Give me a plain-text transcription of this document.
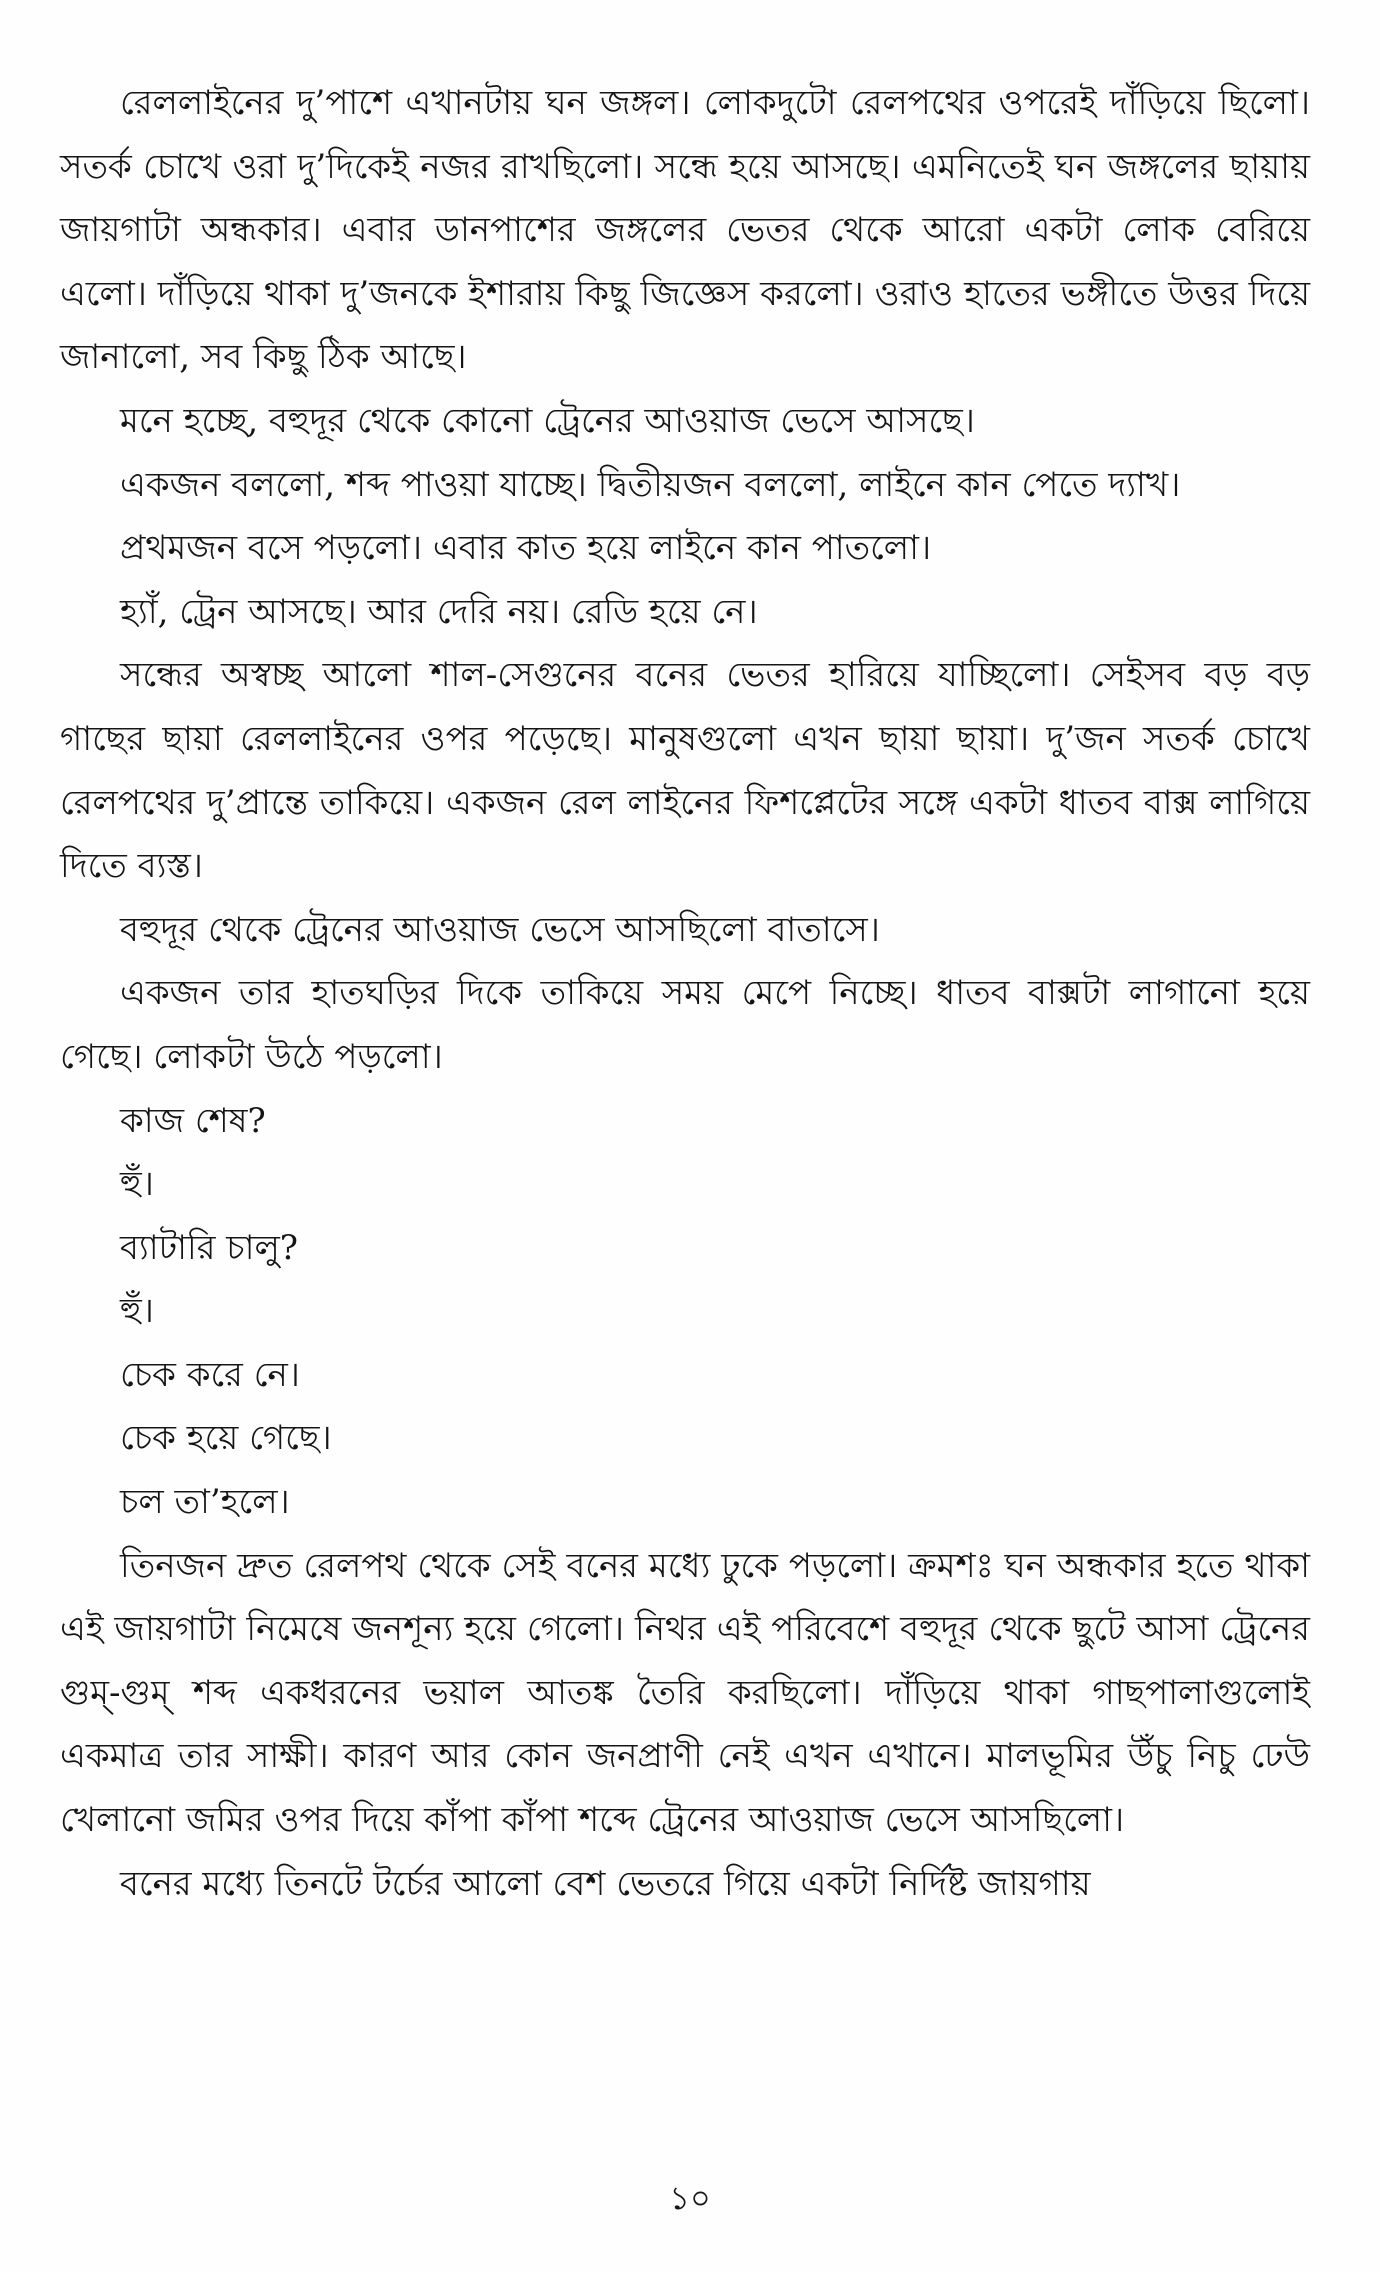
রেললাইনের দু’পাশে এখানটায় ঘন জঙ্গল। লোকদুটো রেলপথের ওপরেই দাঁড়িয়ে ছিলো। সতর্ক চোখে ওরা দু’দিকেই নজর রাখছিলো। সন্ধে হয়ে আসছে। এমনিতেই ঘন জঙ্গলের ছায়ায় জায়গাটা অন্ধকার। এবার ডানপাশের জঙ্গলের ভেতর থেকে আরো একটা লোক বেরিয়ে এলো। দাঁড়িয়ে থাকা দু’জনকে ইশারায় কিছু জিজ্ঞেস করলো। ওরাও হাতের ভঙ্গীতে উত্তর দিয়ে জানালো, সব কিছু ঠিক আছে।

মনে হচ্ছে, বহুদূর থেকে কোনো ট্রেনের আওয়াজ ভেসে আসছে।

একজন বললো, শব্দ পাওয়া যাচ্ছে। দ্বিতীয়জন বললো, লাইনে কান পেতে দ্যাখ।

প্রথমজন বসে পড়লো। এবার কাত হয়ে লাইনে কান পাতলো।

হ্যাঁ, ট্রেন আসছে। আর দেরি নয়। রেডি হয়ে নে।

সন্ধের অস্বচ্ছ আলো শাল-সেগুনের বনের ভেতর হারিয়ে যাচ্ছিলো। সেইসব বড় বড় গাছের ছায়া রেললাইনের ওপর পড়েছে। মানুষগুলো এখন ছায়া ছায়া। দু’জন সতর্ক চোখে রেলপথের দু’প্রান্তে তাকিয়ে। একজন রেল লাইনের ফিশপ্লেটের সঙ্গে একটা ধাতব বাক্স লাগিয়ে দিতে ব্যস্ত।

বহুদূর থেকে ট্রেনের আওয়াজ ভেসে আসছিলো বাতাসে।

একজন তার হাতঘড়ির দিকে তাকিয়ে সময় মেপে নিচ্ছে। ধাতব বাক্সটা লাগানো হয়ে গেছে। লোকটা উঠে পড়লো।

কাজ শেষ?

হুঁ।

ব্যাটারি চালু?

হুঁ।

চেক করে নে।

চেক হয়ে গেছে।

চল তা’হলে।

তিনজন দ্রুত রেলপথ থেকে সেই বনের মধ্যে ঢুকে পড়লো। ক্রমশঃ ঘন অন্ধকার হতে থাকা এই জায়গাটা নিমেষে জনশূন্য হয়ে গেলো। নিথর এই পরিবেশে বহুদূর থেকে ছুটে আসা ট্রেনের গুম্-গুম্ শব্দ একধরনের ভয়াল আতঙ্ক তৈরি করছিলো। দাঁড়িয়ে থাকা গাছপালাগুলোই একমাত্র তার সাক্ষী। কারণ আর কোন জনপ্রাণী নেই এখন এখানে। মালভূমির উঁচু নিচু ঢেউ খেলানো জমির ওপর দিয়ে কাঁপা কাঁপা শব্দে ট্রেনের আওয়াজ ভেসে আসছিলো।

বনের মধ্যে তিনটে টর্চের আলো বেশ ভেতরে গিয়ে একটা নির্দিষ্ট জায়গায়

১০
